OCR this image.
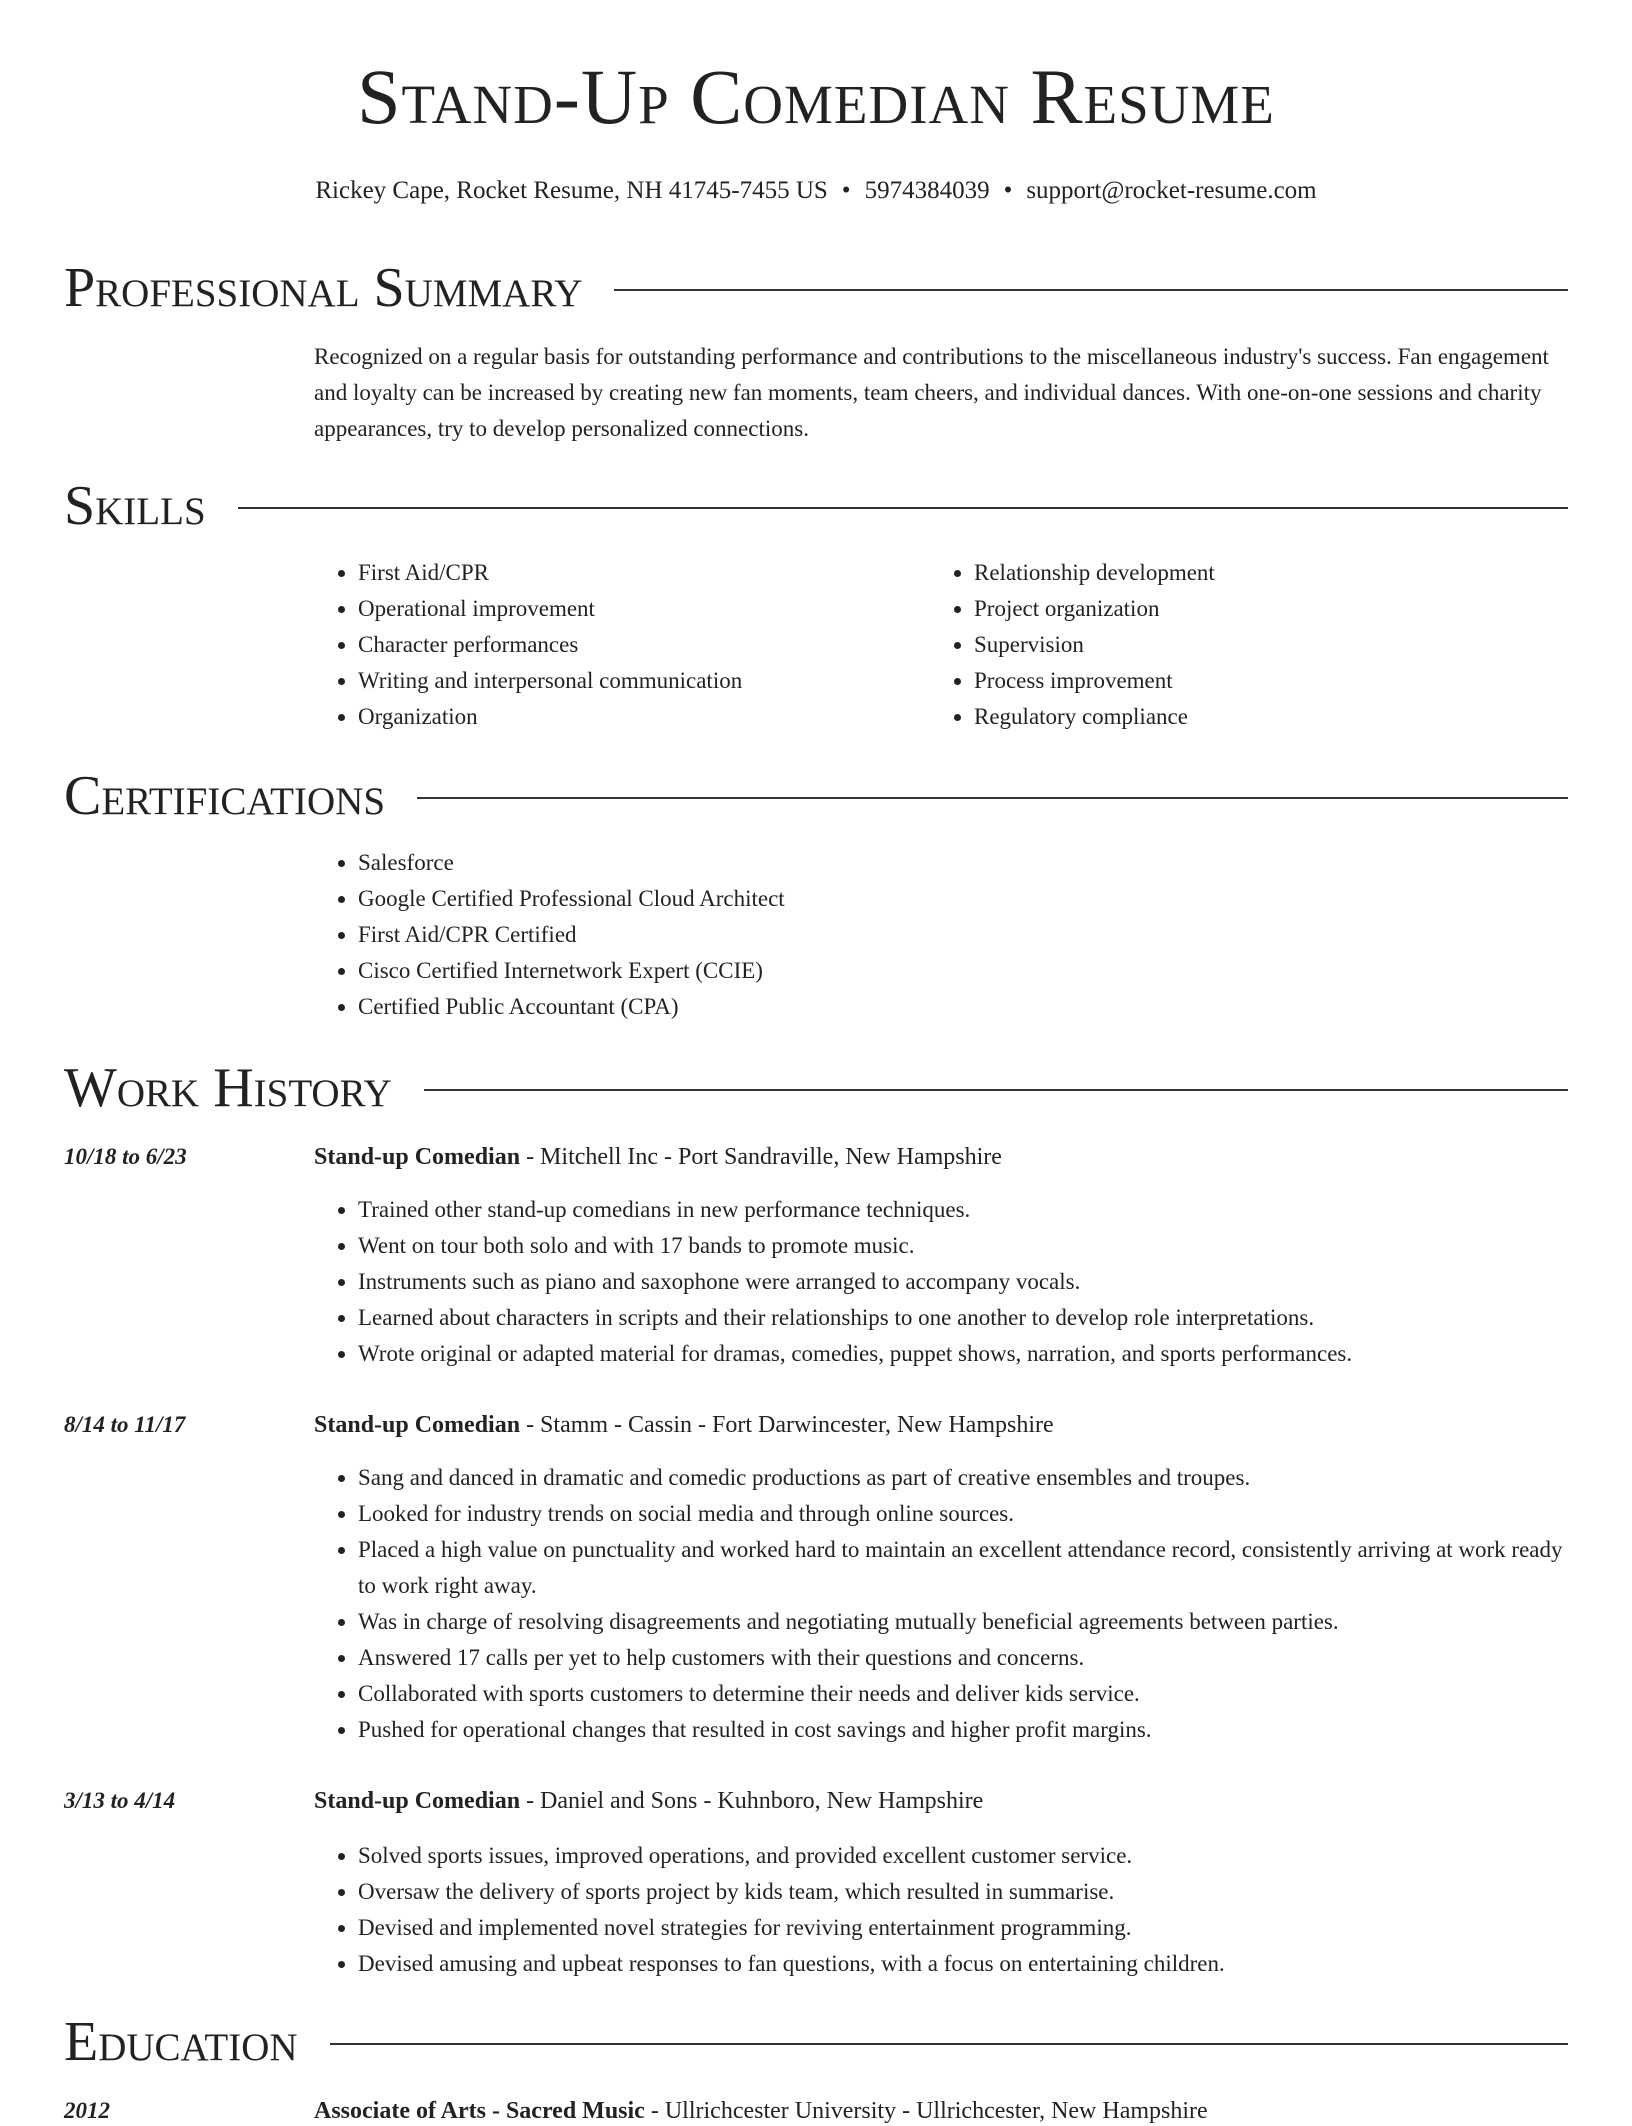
Stand-Up Comedian Resume
Rickey Cape, Rocket Resume, NH 41745-7455 US • 5974384039 • support@rocket-resume.com
Professional Summary

Recognized on a regular basis for outstanding performance and contributions to the miscellaneous industry's success. Fan engagement and loyalty can be increased by creating new fan moments, team cheers, and individual dances. With one-on-one sessions and charity appearances, try to develop personalized connections.

Skills
• First Aid/CPR
• Operational improvement
• Character performances
• Writing and interpersonal communication
• Organization
• Relationship development
• Project organization
• Supervision
• Process improvement
• Regulatory compliance
Certifications
• Salesforce
• Google Certified Professional Cloud Architect
• First Aid/CPR Certified
• Cisco Certified Internetwork Expert (CCIE)
• Certified Public Accountant (CPA)
Work History
10/18 to 6/23	Stand-up Comedian - Mitchell Inc - Port Sandraville, New Hampshire
• Trained other stand-up comedians in new performance techniques.
• Went on tour both solo and with 17 bands to promote music.
• Instruments such as piano and saxophone were arranged to accompany vocals.
• Learned about characters in scripts and their relationships to one another to develop role interpretations.
• Wrote original or adapted material for dramas, comedies, puppet shows, narration, and sports performances.
8/14 to 11/17	Stand-up Comedian - Stamm - Cassin - Fort Darwincester, New Hampshire
• Sang and danced in dramatic and comedic productions as part of creative ensembles and troupes.
• Looked for industry trends on social media and through online sources.
• Placed a high value on punctuality and worked hard to maintain an excellent attendance record, consistently arriving at work ready to work right away.
• Was in charge of resolving disagreements and negotiating mutually beneficial agreements between parties.
• Answered 17 calls per yet to help customers with their questions and concerns.
• Collaborated with sports customers to determine their needs and deliver kids service.
• Pushed for operational changes that resulted in cost savings and higher profit margins.
3/13 to 4/14	Stand-up Comedian - Daniel and Sons - Kuhnboro, New Hampshire
• Solved sports issues, improved operations, and provided excellent customer service.
• Oversaw the delivery of sports project by kids team, which resulted in summarise.
• Devised and implemented novel strategies for reviving entertainment programming.
• Devised amusing and upbeat responses to fan questions, with a focus on entertaining children.
Education
2012	Associate of Arts - Sacred Music - Ullrichcester University - Ullrichcester, New Hampshire
